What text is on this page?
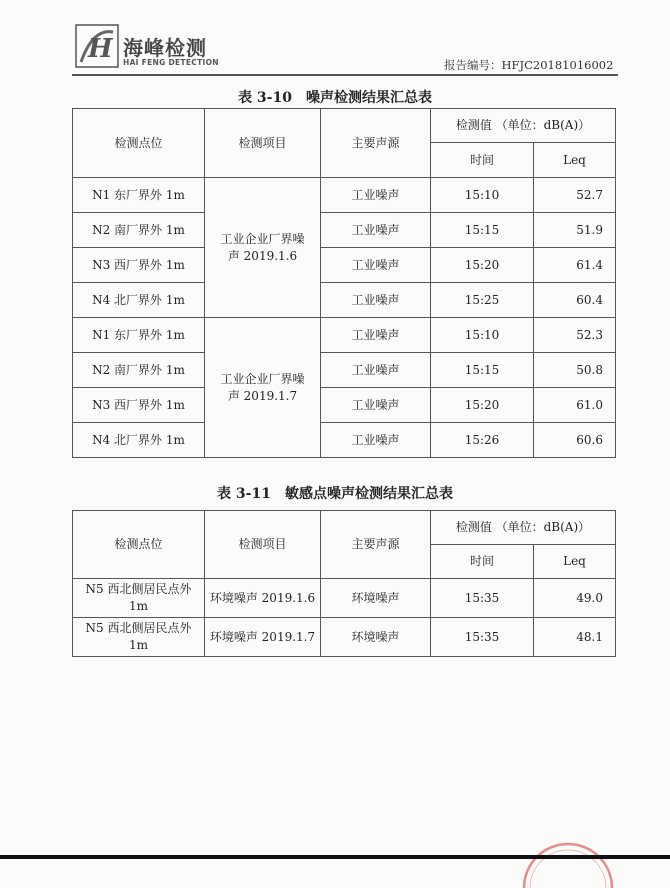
H 海峰检测
HAI FENG DETECTION	报告编号：HFJC20181016002
表 3-10　噪声检测结果汇总表
检测点位	检测项目	主要声源	检测值 （单位：dB(A)）	
			时间	Leq
N1 东厂界外 1m	工业企业厂界噪声 2019.1.6	工业噪声	15:10	52.7
N2 南厂界外 1m		工业噪声	15:15	51.9
N3 西厂界外 1m		工业噪声	15:20	61.4
N4 北厂界外 1m		工业噪声	15:25	60.4
N1 东厂界外 1m	工业企业厂界噪声 2019.1.7	工业噪声	15:10	52.3
N2 南厂界外 1m		工业噪声	15:15	50.8
N3 西厂界外 1m		工业噪声	15:20	61.0
N4 北厂界外 1m		工业噪声	15:26	60.6
表 3-11　敏感点噪声检测结果汇总表
检测点位	检测项目	主要声源	检测值 （单位：dB(A)）	
			时间	Leq
N5 西北侧居民点外 1m	环境噪声 2019.1.6	环境噪声	15:35	49.0
N5 西北侧居民点外 1m	环境噪声 2019.1.7	环境噪声	15:35	48.1
